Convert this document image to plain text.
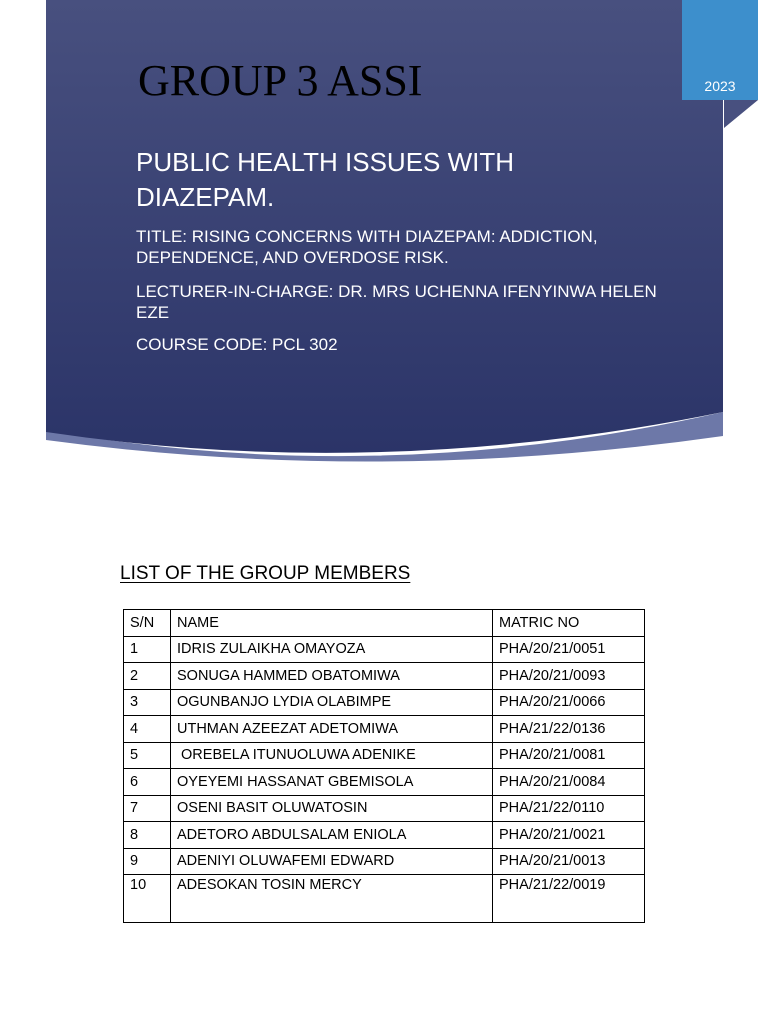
2023
GROUP 3 ASSI
PUBLIC HEALTH ISSUES WITH DIAZEPAM.

TITLE: RISING CONCERNS WITH DIAZEPAM: ADDICTION, DEPENDENCE, AND OVERDOSE RISK.

LECTURER-IN-CHARGE: DR. MRS UCHENNA IFENYINWA HELEN EZE

COURSE CODE: PCL 302

LIST OF THE GROUP MEMBERS
S/N	NAME	MATRIC NO
1	IDRIS ZULAIKHA OMAYOZA	PHA/20/21/0051
2	SONUGA HAMMED OBATOMIWA	PHA/20/21/0093
3	OGUNBANJO LYDIA OLABIMPE	PHA/20/21/0066
4	UTHMAN AZEEZAT ADETOMIWA	PHA/21/22/0136
5	OREBELA ITUNUOLUWA ADENIKE	PHA/20/21/0081
6	OYEYEMI HASSANAT GBEMISOLA	PHA/20/21/0084
7	OSENI BASIT OLUWATOSIN	PHA/21/22/0110
8	ADETORO ABDULSALAM ENIOLA	PHA/20/21/0021
9	ADENIYI OLUWAFEMI EDWARD	PHA/20/21/0013
10	ADESOKAN TOSIN MERCY	PHA/21/22/0019
